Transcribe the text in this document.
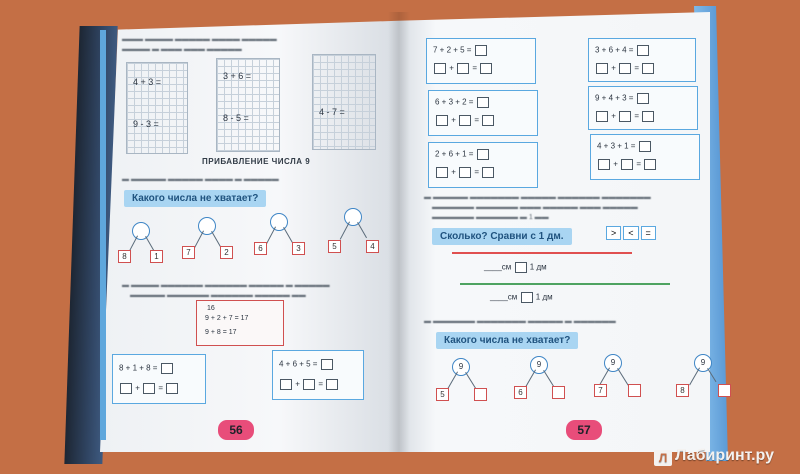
▬▬▬ ▬▬▬▬ ▬▬▬▬▬ ▬▬▬▬ ▬▬▬▬▬
▬▬▬▬ ▬ ▬▬▬ ▬▬▬ ▬▬▬▬▬
4 + 3 =
9 - 3 =
3 + 6 =
8 - 5 =
4 - 7 =
ПРИБАВЛЕНИЕ ЧИСЛА 9
▬ ▬▬▬▬▬ ▬▬▬▬▬ ▬▬▬▬ ▬ ▬▬▬▬▬
Какого числа не хватает?
8	1	7	2	6	3	5	4
▬ ▬▬▬▬ ▬▬▬▬▬▬ ▬▬▬▬▬▬ ▬▬▬▬▬ ▬ ▬▬▬▬▬
▬▬▬▬▬ ▬▬▬▬▬▬ ▬▬▬▬▬▬ ▬▬▬▬▬ ▬▬
16
9 + 2 + 7 = 17
9 + 8 = 17
8 + 1 + 8 =
+  =
4 + 6 + 5 =
+  =
56
7 + 2 + 5 =
+  =
3 + 6 + 4 =
+  =
6 + 3 + 2 =
+  =
9 + 4 + 3 =
+  =
2 + 6 + 1 =
+  =
4 + 3 + 1 =
+  =
▬ ▬▬▬▬▬ ▬▬▬▬▬▬▬ ▬▬▬▬▬ ▬▬▬▬▬▬ ▬▬▬▬▬▬▬
▬▬▬▬▬▬ ▬▬▬▬▬▬ ▬▬▬ ▬▬▬▬▬ ▬▬▬ ▬▬▬▬▬
▬▬▬▬▬▬ ▬▬▬▬▬▬ ▬ 1 ▬▬
Сколько? Сравни с 1 дм.	>	<	=
____см 1 дм
____см 1 дм
▬ ▬▬▬▬▬▬ ▬▬▬▬▬▬▬ ▬▬▬▬▬ ▬ ▬▬▬▬▬▬
Какого числа не хватает?
9
5
9
6
9
7
9
8
57
Л Лабиринт.ру
